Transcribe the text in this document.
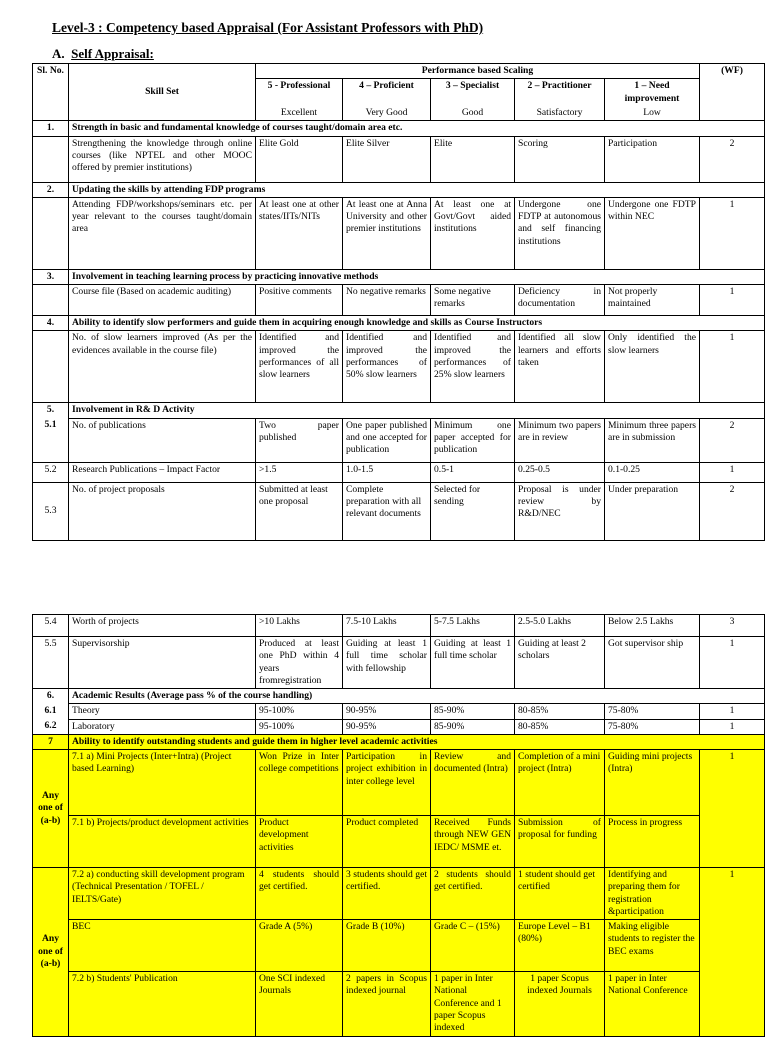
Level-3 : Competency based Appraisal (For Assistant Professors with PhD)
A. Self Appraisal:
Sl. No.	Skill Set	Performance based Scaling					(WF)
		5 - Professional	4 – Proficient	3 – Specialist	2 – Practitioner	1 – Need improvement	
		Excellent	Very Good	Good	Satisfactory	Low	
1.	Strength in basic and fundamental knowledge of courses taught/domain area etc.						
	Strengthening the knowledge through online courses (like NPTEL and other MOOC offered by premier institutions)	Elite Gold	Elite Silver	Elite	Scoring	Participation	2
2.	Updating the skills by attending FDP programs						
	Attending FDP/workshops/seminars etc. per year relevant to the courses taught/domain area	At least one at other states/IITs/NITs	At least one at Anna University and other premier institutions	At least one at Govt/Govt aided institutions	Undergone one FDTP at autonomous and self financing institutions	Undergone one FDTP within NEC	1
3.	Involvement in teaching learning process by practicing innovative methods						
	Course file (Based on academic auditing)	Positive comments	No negative remarks	Some negative remarks	Deficiency in documentation	Not properly maintained	1
4.	Ability to identify slow performers and guide them in acquiring enough knowledge and skills as Course Instructors						
	No. of slow learners improved (As per the evidences available in the course file)	Identified and improved the performances of all slow learners	Identified and improved the performances of 50% slow learners	Identified and improved the performances of 25% slow learners	Identified all slow learners and efforts taken	Only identified the slow learners	1
5.	Involvement in R& D Activity						
5.1	No. of publications	Two paper published	One paper published and one accepted for publication	Minimum one paper accepted for publication	Minimum two papers are in review	Minimum three papers are in submission	2
5.2	Research Publications – Impact Factor	>1.5	1.0-1.5	0.5-1	0.25-0.5	0.1-0.25	1
5.3	No. of project proposals	Submitted at least one proposal	Complete preparation with all relevant documents	Selected for sending	Proposal is under review by R&D/NEC	Under preparation	2
5.4	Worth of projects	>10 Lakhs	7.5-10 Lakhs	5-7.5 Lakhs	2.5-5.0 Lakhs	Below 2.5 Lakhs	3
5.5	Supervisorship	Produced at least one PhD within 4 years fromregistration	Guiding at least 1 full time scholar with fellowship	Guiding at least 1 full time scholar	Guiding at least 2 scholars	Got supervisor ship	1
6.	Academic Results (Average pass % of the course handling)						
6.1	Theory	95-100%	90-95%	85-90%	80-85%	75-80%	1
6.2	Laboratory	95-100%	90-95%	85-90%	80-85%	75-80%	1
7	Ability to identify outstanding students and guide them in higher level academic activities						
Any one of (a-b)	7.1 a) Mini Projects (Inter+Intra) (Project based Learning)	Won Prize in Inter college competitions	Participation in project exhibition in inter college level	Review and documented (Intra)	Completion of a mini project (Intra)	Guiding mini projects (Intra)	1
	7.1 b) Projects/product development activities	Product development activities	Product completed	Received Funds through NEW GEN IEDC/ MSME et.	Submission of proposal for funding	Process in progress	
Any one of (a-b)	7.2 a) conducting skill development program (Technical Presentation / TOFEL / IELTS/Gate)	4 students should get certified.	3 students should get certified.	2 students should get certified.	1 student should get certified	Identifying and preparing them for registration &participation	1
	BEC	Grade A (5%)	Grade B (10%)	Grade C – (15%)	Europe Level – B1 (80%)	Making eligible students to register the BEC exams	
	7.2 b) Students' Publication	One SCI indexed Journals	2 papers in Scopus indexed journal	1 paper in Inter National Conference and 1 paper Scopus indexed	1 paper Scopus indexed Journals	1 paper in Inter National Conference	
